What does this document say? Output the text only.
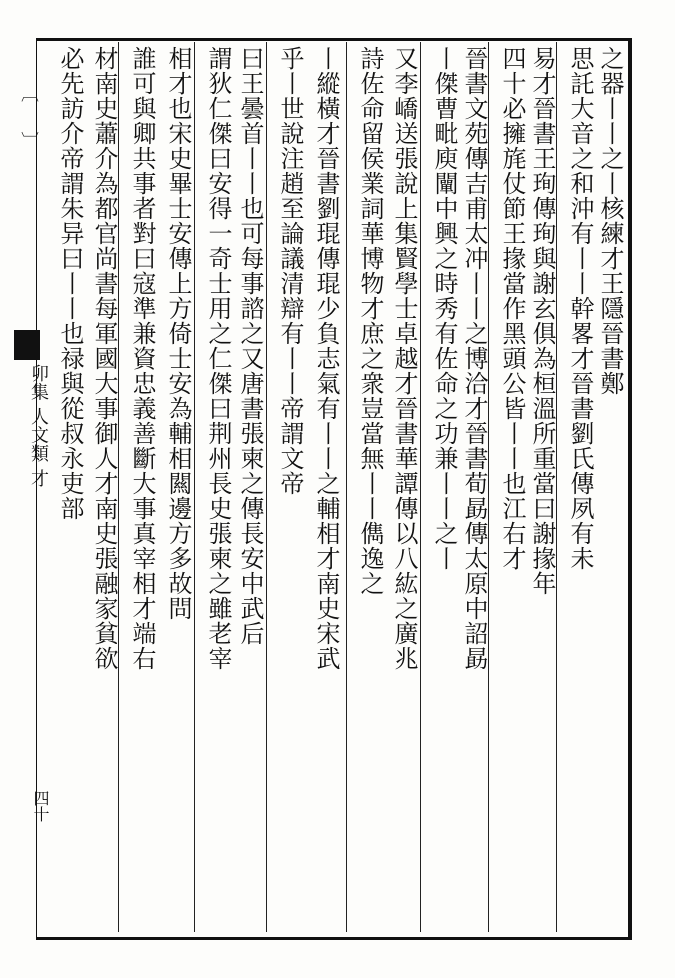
〔 〕
卯集 人文類 才
四十
之器丨丨之丨核練才王隱晉書鄭
思託大音之和沖有丨丨幹畧才晉書劉氏傳夙有未
易才晉書王珣傳珣與謝玄俱為桓溫所重當曰謝掾年
四十必擁旄仗節王掾當作黑頭公皆丨丨也江右才
晉書文苑傳吉甫太冲丨丨之博洽才晉書荀勗傳太原中詔勗
丨傑曹毗庾闡中興之時秀有佐命之功兼丨丨之丨
又李嶠送張說上集賢學士卓越才晉書華譚傳以八紘之廣兆
詩佐命留侯業詞華博物才庶之衆豈當無丨丨儁逸之
丨縱橫才晉書劉琨傳琨少負志氣有丨丨之輔相才南史宋武
乎丨世說注趙至論議清辯有丨丨帝謂文帝
曰王曇首丨丨也可每事諮之又唐書張柬之傳長安中武后
謂狄仁傑曰安得一奇士用之仁傑曰荆州長史張柬之雖老宰
相才也宋史畢士安傳上方倚士安為輔相闗邊方多故問
誰可與卿共事者對曰寇準兼資忠義善斷大事真宰相才端右
材南史蕭介為都官尚書每軍國大事御人才南史張融家貧欲
必先訪介帝謂朱异曰丨丨也禄與從叔永吏部
